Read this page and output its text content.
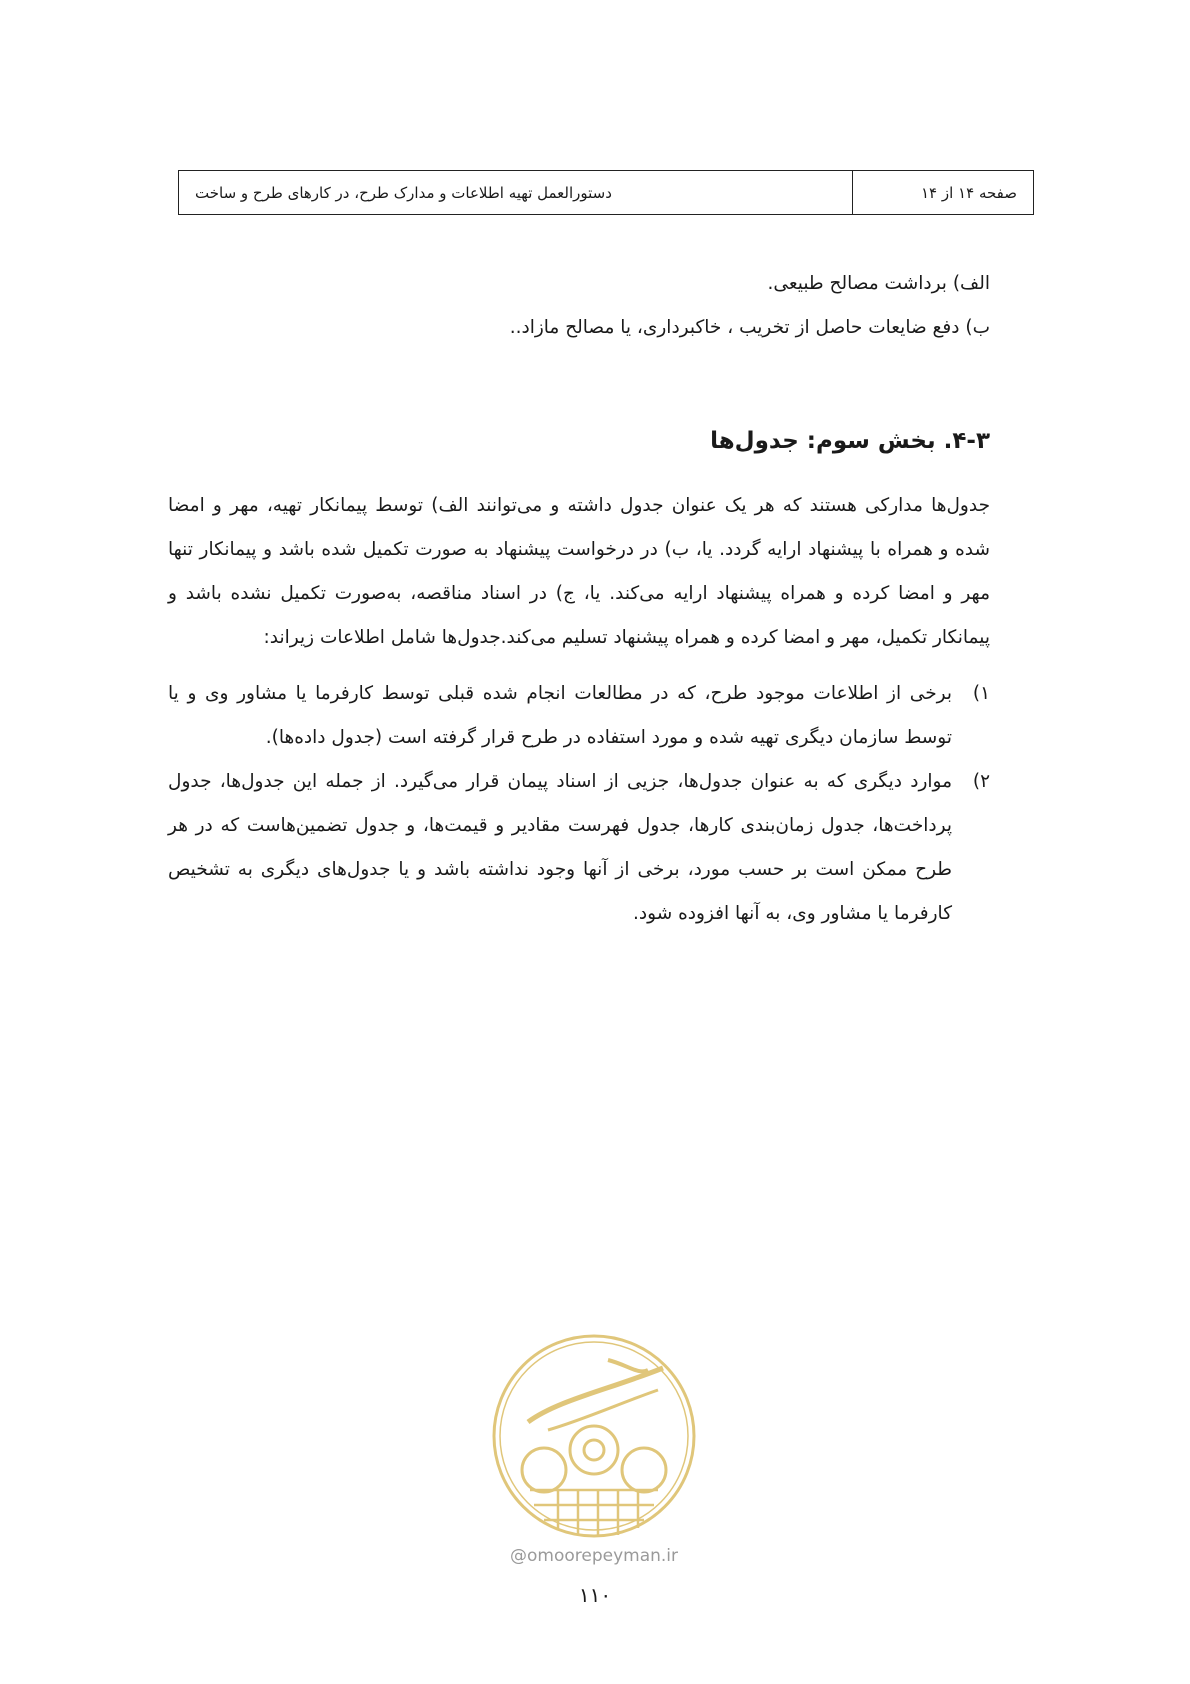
دستورالعمل تهیه اطلاعات و مدارک طرح، در کارهای طرح و ساخت	صفحه ۱۴ از ۱۴

الف) برداشت مصالح طبیعی.

ب) دفع ضایعات حاصل از تخریب ، خاکبرداری، یا مصالح مازاد..

۴-۳. بخش سوم: جدول‌ها

جدول‌ها مدارکی هستند که هر یک عنوان جدول داشته و می‌توانند الف) توسط پیمانکار تهیه، مهر و امضا شده و همراه با پیشنهاد ارایه گردد. یا، ب) در درخواست پیشنهاد به صورت تکمیل شده باشد و پیمانکار تنها مهر و امضا کرده و همراه پیشنهاد ارایه می‌کند. یا، ج) در اسناد مناقصه، به‌صورت تکمیل نشده باشد و پیمانکار تکمیل، مهر و امضا کرده و همراه پیشنهاد تسلیم می‌کند.جدول‌ها شامل اطلاعات زیراند:

۱)
برخی از اطلاعات موجود طرح، که در مطالعات انجام شده قبلی توسط کارفرما یا مشاور وی و یا توسط سازمان دیگری تهیه شده و مورد استفاده در طرح قرار گرفته است (جدول داده‌ها).
۲)
موارد دیگری که به عنوان جدول‌ها، جزیی از اسناد پیمان قرار می‌گیرد. از جمله این جدول‌ها، جدول پرداخت‌ها، جدول زمان‌بندی کارها، جدول فهرست مقادیر و قیمت‌ها، و جدول تضمین‌هاست که در هر طرح ممکن است بر حسب مورد، برخی از آنها وجود نداشته باشد و یا جدول‌های دیگری به تشخیص کارفرما یا مشاور وی، به آنها افزوده شود.
@omoorepeyman.ir
۱۱۰
